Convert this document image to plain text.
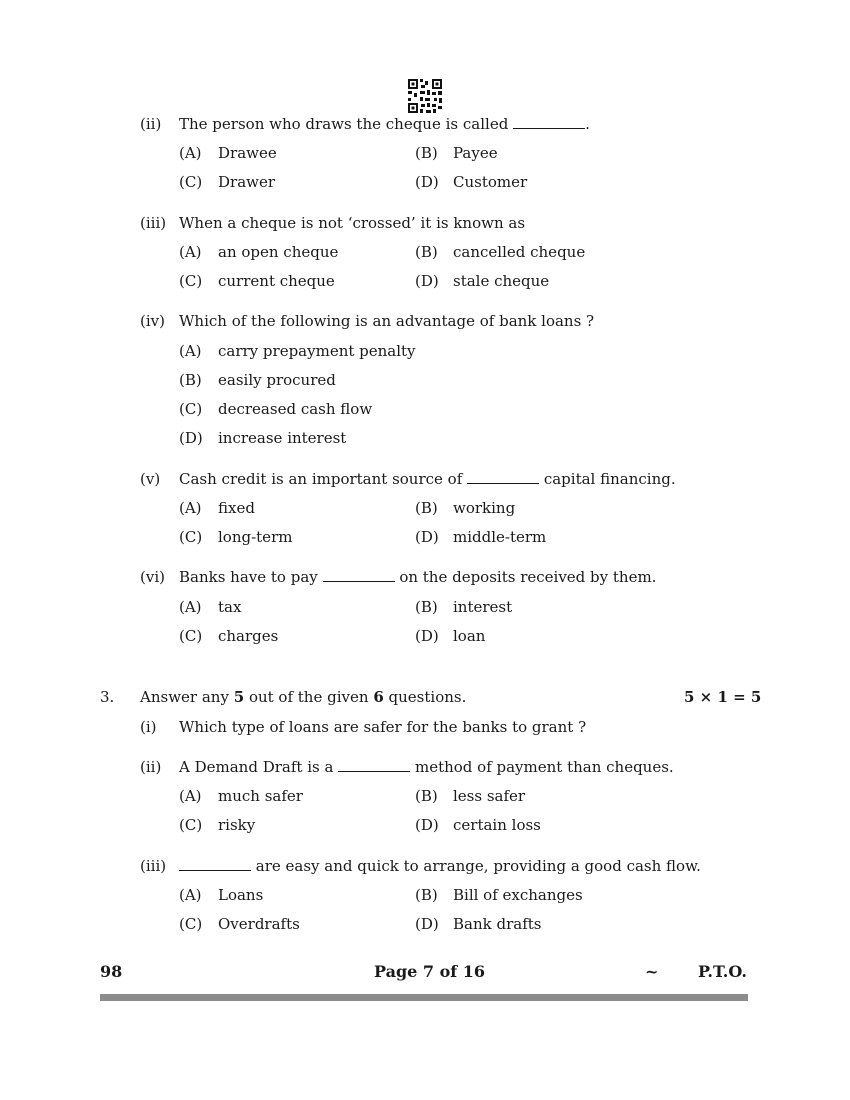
(ii) The person who draws the cheque is called	.
(A) Drawee	(B) Payee
(C) Drawer	(D) Customer
(iii) When a cheque is not ‘crossed’ it is known as
(A) an open cheque	(B) cancelled cheque
(C) current cheque	(D) stale cheque
(iv) Which of the following is an advantage of bank loans ?
(A) carry prepayment penalty
(B) easily procured
(C) decreased cash flow
(D) increase interest
(v) Cash credit is an important source of	capital financing.
(A) fixed	(B) working
(C) long-term	(D) middle-term
(vi) Banks have to pay	on the deposits received by them.
(A) tax	(B) interest
(C) charges	(D) loan
3. Answer any 5 out of the given 6 questions.	5 × 1 = 5
(i) Which type of loans are safer for the banks to grant ?
(ii) A Demand Draft is a	method of payment than cheques.
(A) much safer	(B) less safer
(C) risky	(D) certain loss
(iii)	are easy and quick to arrange, providing a good cash flow.
(A) Loans	(B) Bill of exchanges
(C) Overdrafts	(D) Bank drafts
98	Page 7 of 16	~ P.T.O.
